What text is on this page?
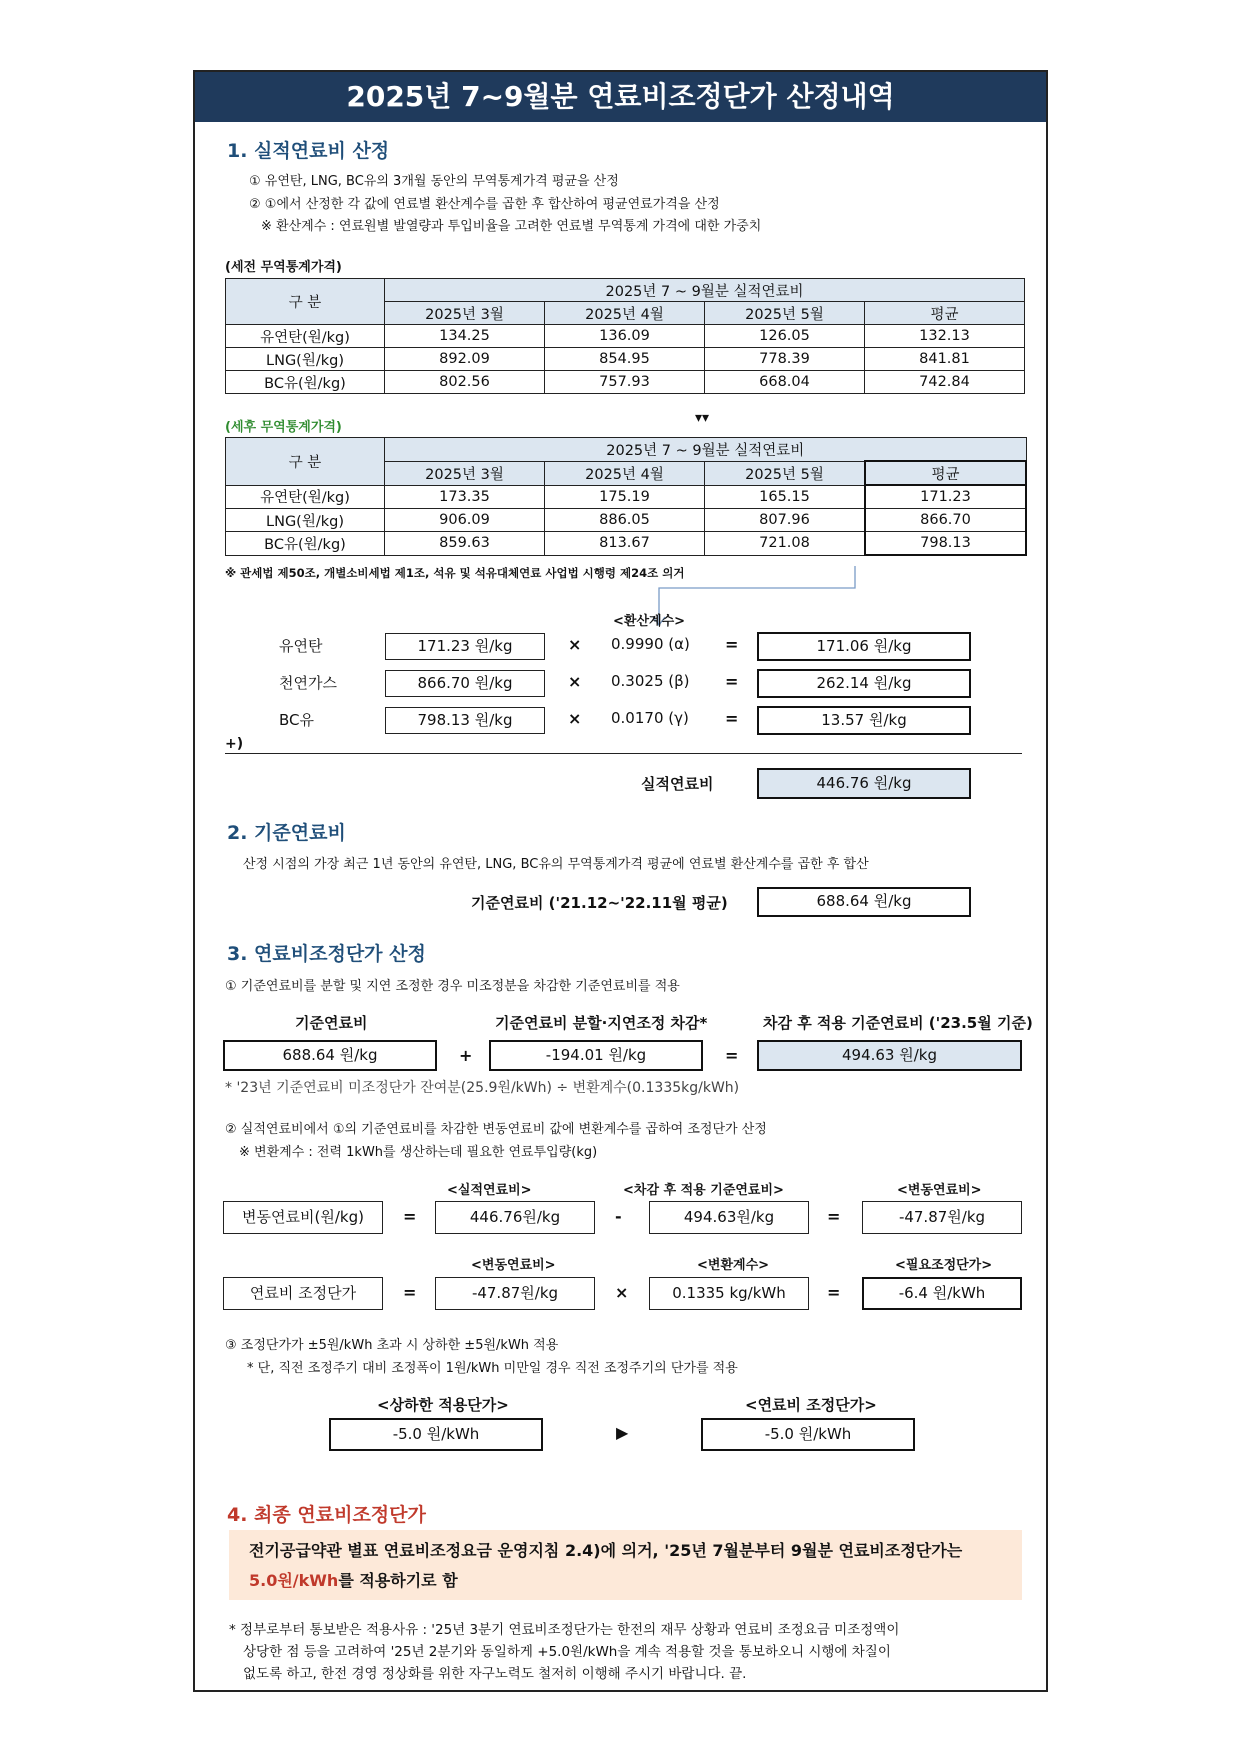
2025년 7~9월분 연료비조정단가 산정내역
1. 실적연료비 산정
① 유연탄, LNG, BC유의 3개월 동안의 무역통계가격 평균을 산정
② ①에서 산정한 각 값에 연료별 환산계수를 곱한 후 합산하여 평균연료가격을 산정
※ 환산계수 : 연료원별 발열량과 투입비율을 고려한 연료별 무역통계 가격에 대한 가중치
(세전 무역통계가격)
구 분	2025년 7 ~ 9월분 실적연료비			
	2025년 3월	2025년 4월	2025년 5월	평균
유연탄(원/kg)	134.25	136.09	126.05	132.13
LNG(원/kg)	892.09	854.95	778.39	841.81
BC유(원/kg)	802.56	757.93	668.04	742.84
▾▾
(세후 무역통계가격)
구 분	2025년 7 ~ 9월분 실적연료비			
	2025년 3월	2025년 4월	2025년 5월	평균
유연탄(원/kg)	173.35	175.19	165.15	171.23
LNG(원/kg)	906.09	886.05	807.96	866.70
BC유(원/kg)	859.63	813.67	721.08	798.13
※ 관세법 제50조, 개별소비세법 제1조, 석유 및 석유대체연료 사업법 시행령 제24조 의거
<환산계수>
유연탄	171.23 원/kg	× 0.9990 (α) =	171.06 원/kg
천연가스	866.70 원/kg	× 0.3025 (β) =	262.14 원/kg
BC유	798.13 원/kg	× 0.0170 (γ) =	13.57 원/kg
+)
실적연료비	446.76 원/kg
2. 기준연료비
산정 시점의 가장 최근 1년 동안의 유연탄, LNG, BC유의 무역통계가격 평균에 연료별 환산계수를 곱한 후 합산
기준연료비 ('21.12~'22.11월 평균)	688.64 원/kg
3. 연료비조정단가 산정
① 기준연료비를 분할 및 지연 조정한 경우 미조정분을 차감한 기준연료비를 적용
기준연료비	기준연료비 분할·지연조정 차감*	차감 후 적용 기준연료비 ('23.5월 기준)
688.64 원/kg	+	-194.01 원/kg	=	494.63 원/kg
* '23년 기준연료비 미조정단가 잔여분(25.9원/kWh) ÷ 변환계수(0.1335kg/kWh)
② 실적연료비에서 ①의 기준연료비를 차감한 변동연료비 값에 변환계수를 곱하여 조정단가 산정
※ 변환계수 : 전력 1kWh를 생산하는데 필요한 연료투입량(kg)
<실적연료비>	<차감 후 적용 기준연료비>	<변동연료비>
변동연료비(원/kg)	=	446.76원/kg	-	494.63원/kg	=	-47.87원/kg
<변동연료비>	<변환계수>	<필요조정단가>
연료비 조정단가	=	-47.87원/kg	×	0.1335 kg/kWh	=	-6.4 원/kWh
③ 조정단가가 ±5원/kWh 초과 시 상하한 ±5원/kWh 적용
* 단, 직전 조정주기 대비 조정폭이 1원/kWh 미만일 경우 직전 조정주기의 단가를 적용
<상하한 적용단가>	<연료비 조정단가>
-5.0 원/kWh	▶	-5.0 원/kWh
4. 최종 연료비조정단가
전기공급약관 별표 연료비조정요금 운영지침 2.4)에 의거, '25년 7월분부터 9월분 연료비조정단가는
5.0원/kWh를 적용하기로 함
* 정부로부터 통보받은 적용사유 : '25년 3분기 연료비조정단가는 한전의 재무 상황과 연료비 조정요금 미조정액이
상당한 점 등을 고려하여 '25년 2분기와 동일하게 +5.0원/kWh을 계속 적용할 것을 통보하오니 시행에 차질이
없도록 하고, 한전 경영 정상화를 위한 자구노력도 철저히 이행해 주시기 바랍니다. 끝.
